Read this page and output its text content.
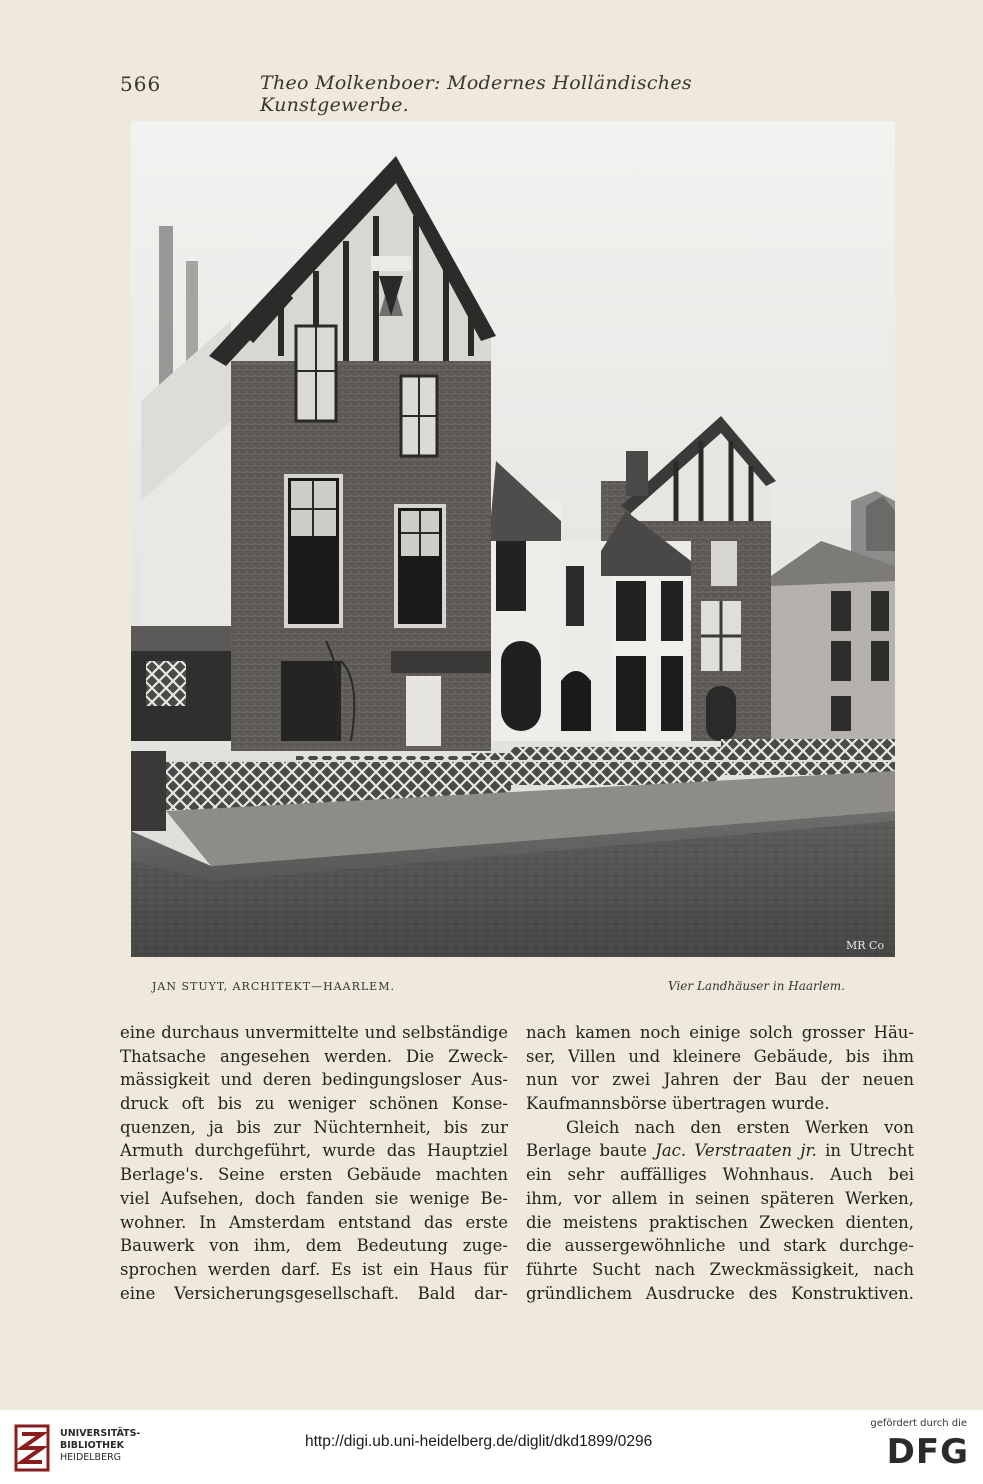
566	Theo Molkenboer: Modernes Holländisches Kunstgewerbe.
MR Co
JAN STUYT, ARCHITEKT—HAARLEM.	Vier Landhäuser in Haarlem.
eine durchaus unvermittelte und selbständige
Thatsache angesehen werden. Die Zweck-
mässigkeit und deren bedingungsloser Aus-
druck oft bis zu weniger schönen Konse-
quenzen, ja bis zur Nüchternheit, bis zur
Armuth durchgeführt, wurde das Hauptziel
Berlage's. Seine ersten Gebäude machten
viel Aufsehen, doch fanden sie wenige Be-
wohner. In Amsterdam entstand das erste
Bauwerk von ihm, dem Bedeutung zuge-
sprochen werden darf. Es ist ein Haus für
eine Versicherungsgesellschaft. Bald dar-
nach kamen noch einige solch grosser Häu-
ser, Villen und kleinere Gebäude, bis ihm
nun vor zwei Jahren der Bau der neuen
Kaufmannsbörse übertragen wurde.
Gleich nach den ersten Werken von
Berlage baute Jac. Verstraaten jr. in Utrecht
ein sehr auffälliges Wohnhaus. Auch bei
ihm, vor allem in seinen späteren Werken,
die meistens praktischen Zwecken dienten,
die aussergewöhnliche und stark durchge-
führte Sucht nach Zweckmässigkeit, nach
gründlichem Ausdrucke des Konstruktiven.
UNIVERSITÄTS-
BIBLIOTHEK
HEIDELBERG
http://digi.ub.uni-heidelberg.de/diglit/dkd1899/0296
gefördert durch die
DFG
